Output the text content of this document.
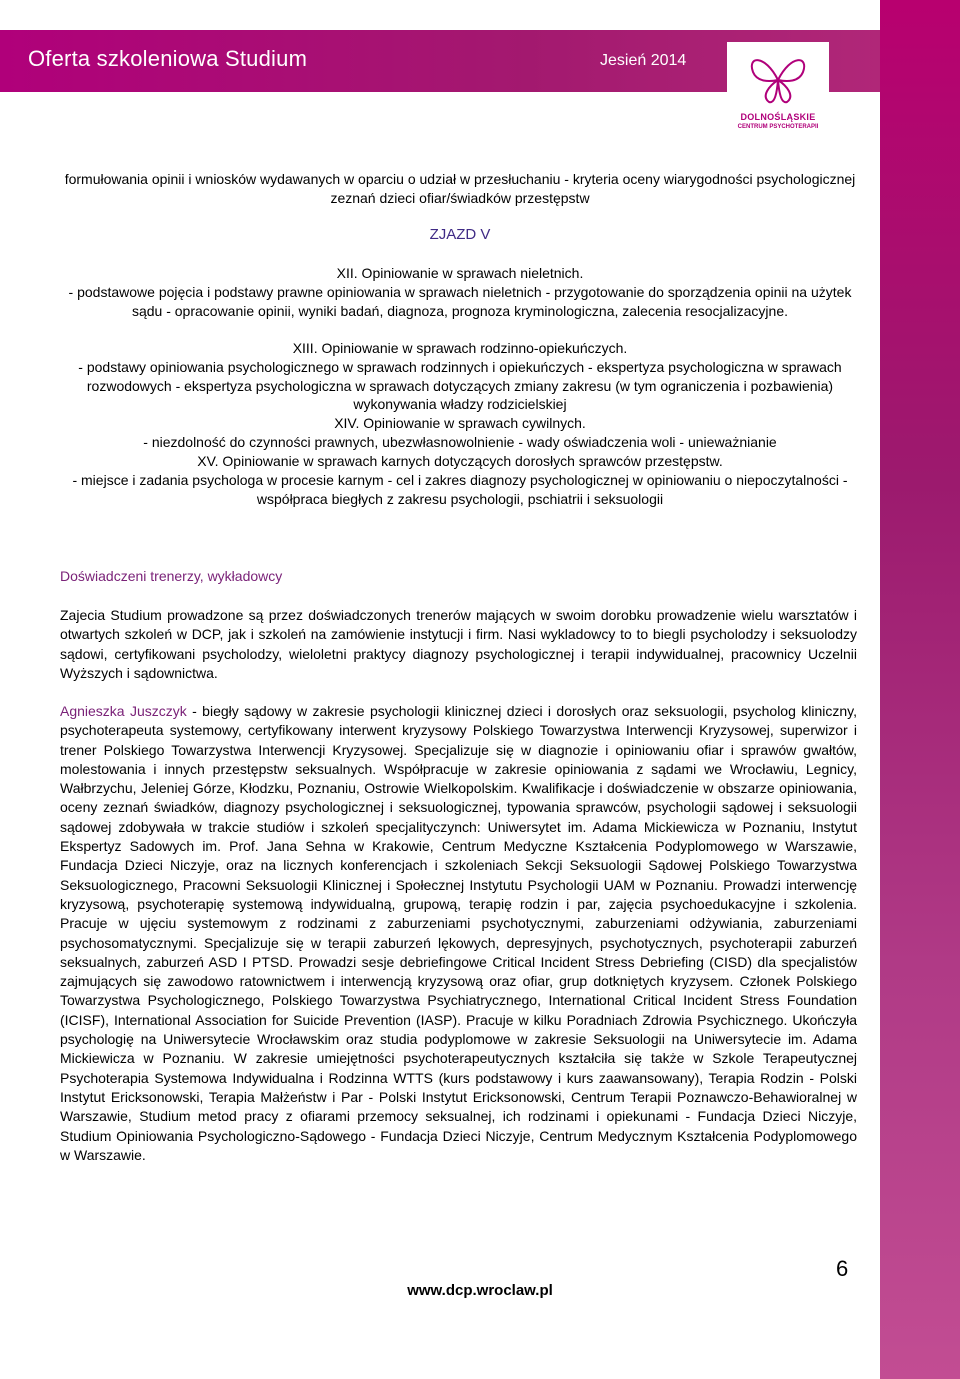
Oferta szkoleniowa Studium	Jesień 2014
DOLNOŚLĄSKIE
CENTRUM PSYCHOTERAPII
formułowania opinii i wniosków wydawanych w oparciu o udział w przesłuchaniu - kryteria oceny wiarygodności psychologicznej zeznań dzieci ofiar/świadków przestępstw
ZJAZD V
XII. Opiniowanie w sprawach nieletnich.
- podstawowe pojęcia i podstawy prawne opiniowania w sprawach nieletnich - przygotowanie do sporządzenia opinii na użytek sądu - opracowanie opinii, wyniki badań, diagnoza, prognoza kryminologiczna, zalecenia resocjalizacyjne.
XIII. Opiniowanie w sprawach rodzinno-opiekuńczych.
- podstawy opiniowania psychologicznego w sprawach rodzinnych i opiekuńczych - ekspertyza psychologiczna w sprawach rozwodowych - ekspertyza psychologiczna w sprawach dotyczących zmiany zakresu (w tym ograniczenia i pozbawienia) wykonywania władzy rodzicielskiej
XIV. Opiniowanie w sprawach cywilnych.
- niezdolność do czynności prawnych, ubezwłasnowolnienie - wady oświadczenia woli - unieważnianie
XV. Opiniowanie w sprawach karnych dotyczących dorosłych sprawców przestępstw.
- miejsce i zadania psychologa w procesie karnym - cel i zakres diagnozy psychologicznej w opiniowaniu o niepoczytalności - współpraca biegłych z zakresu psychologii, pschiatrii i seksuologii
Doświadczeni trenerzy, wykładowcy
Zajecia Studium prowadzone są przez doświadczonych trenerów mających w swoim dorobku prowadzenie wielu warsztatów i otwartych szkoleń w DCP, jak i szkoleń na zamówienie instytucji i firm. Nasi wykladowcy to to biegli psycholodzy i seksuolodzy sądowi, certyfikowani psycholodzy, wieloletni praktycy diagnozy psychologicznej i terapii indywidualnej, pracownicy Uczelnii Wyższych i sądownictwa.
Agnieszka Juszczyk - biegły sądowy w zakresie psychologii klinicznej dzieci i dorosłych oraz seksuologii, psycholog kliniczny, psychoterapeuta systemowy, certyfikowany interwent kryzysowy Polskiego Towarzystwa Interwencji Kryzysowej, superwizor i trener Polskiego Towarzystwa Interwencji Kryzysowej. Specjalizuje się w diagnozie i opiniowaniu ofiar i sprawów gwałtów, molestowania i innych przestępstw seksualnych. Współpracuje w zakresie opiniowania z sądami we Wrocławiu, Legnicy, Wałbrzychu, Jeleniej Górze, Kłodzku, Poznaniu, Ostrowie Wielkopolskim. Kwalifikacje i doświadczenie w obszarze opiniowania, oceny zeznań świadków, diagnozy psychologicznej i seksuologicznej, typowania sprawców, psychologii sądowej i seksuologii sądowej zdobywała w trakcie studiów i szkoleń specjalityczynch: Uniwersytet im. Adama Mickiewicza w Poznaniu, Instytut Ekspertyz Sadowych im. Prof. Jana Sehna w Krakowie, Centrum Medyczne Kształcenia Podyplomowego w Warszawie, Fundacja Dzieci Niczyje, oraz na licznych konferencjach i szkoleniach Sekcji Seksuologii Sądowej Polskiego Towarzystwa Seksuologicznego, Pracowni Seksuologii Klinicznej i Społecznej Instytutu Psychologii UAM w Poznaniu. Prowadzi interwencję kryzysową, psychoterapię systemową indywidualną, grupową, terapię rodzin i par, zajęcia psychoedukacyjne i szkolenia. Pracuje w ujęciu systemowym z rodzinami z zaburzeniami psychotycznymi, zaburzeniami odżywiania, zaburzeniami psychosomatycznymi. Specjalizuje się w terapii zaburzeń lękowych, depresyjnych, psychotycznych, psychoterapii zaburzeń seksualnych, zaburzeń ASD I PTSD. Prowadzi sesje debriefingowe Critical Incident Stress Debriefing (CISD) dla specjalistów zajmujących się zawodowo ratownictwem i interwencją kryzysową oraz ofiar, grup dotkniętych kryzysem. Członek Polskiego Towarzystwa Psychologicznego, Polskiego Towarzystwa Psychiatrycznego, International Critical Incident Stress Foundation (ICISF), International Association for Suicide Prevention (IASP). Pracuje w kilku Poradniach Zdrowia Psychicznego. Ukończyła psychologię na Uniwersytecie Wrocławskim oraz studia podyplomowe w zakresie Seksuologii na Uniwersytecie im. Adama Mickiewicza w Poznaniu. W zakresie umiejętności psychoterapeutycznych kształciła się także w Szkole Terapeutycznej Psychoterapia Systemowa Indywidualna i Rodzinna WTTS (kurs podstawowy i kurs zaawansowany), Terapia Rodzin - Polski Instytut Ericksonowski, Terapia Małżeństw i Par - Polski Instytut Ericksonowski, Centrum Terapii Poznawczo-Behawioralnej w Warszawie, Studium metod pracy z ofiarami przemocy seksualnej, ich rodzinami i opiekunami - Fundacja Dzieci Niczyje, Studium Opiniowania Psychologiczno-Sądowego - Fundacja Dzieci Niczyje, Centrum Medycznym Kształcenia Podyplomowego w Warszawie.
6
www.dcp.wroclaw.pl
